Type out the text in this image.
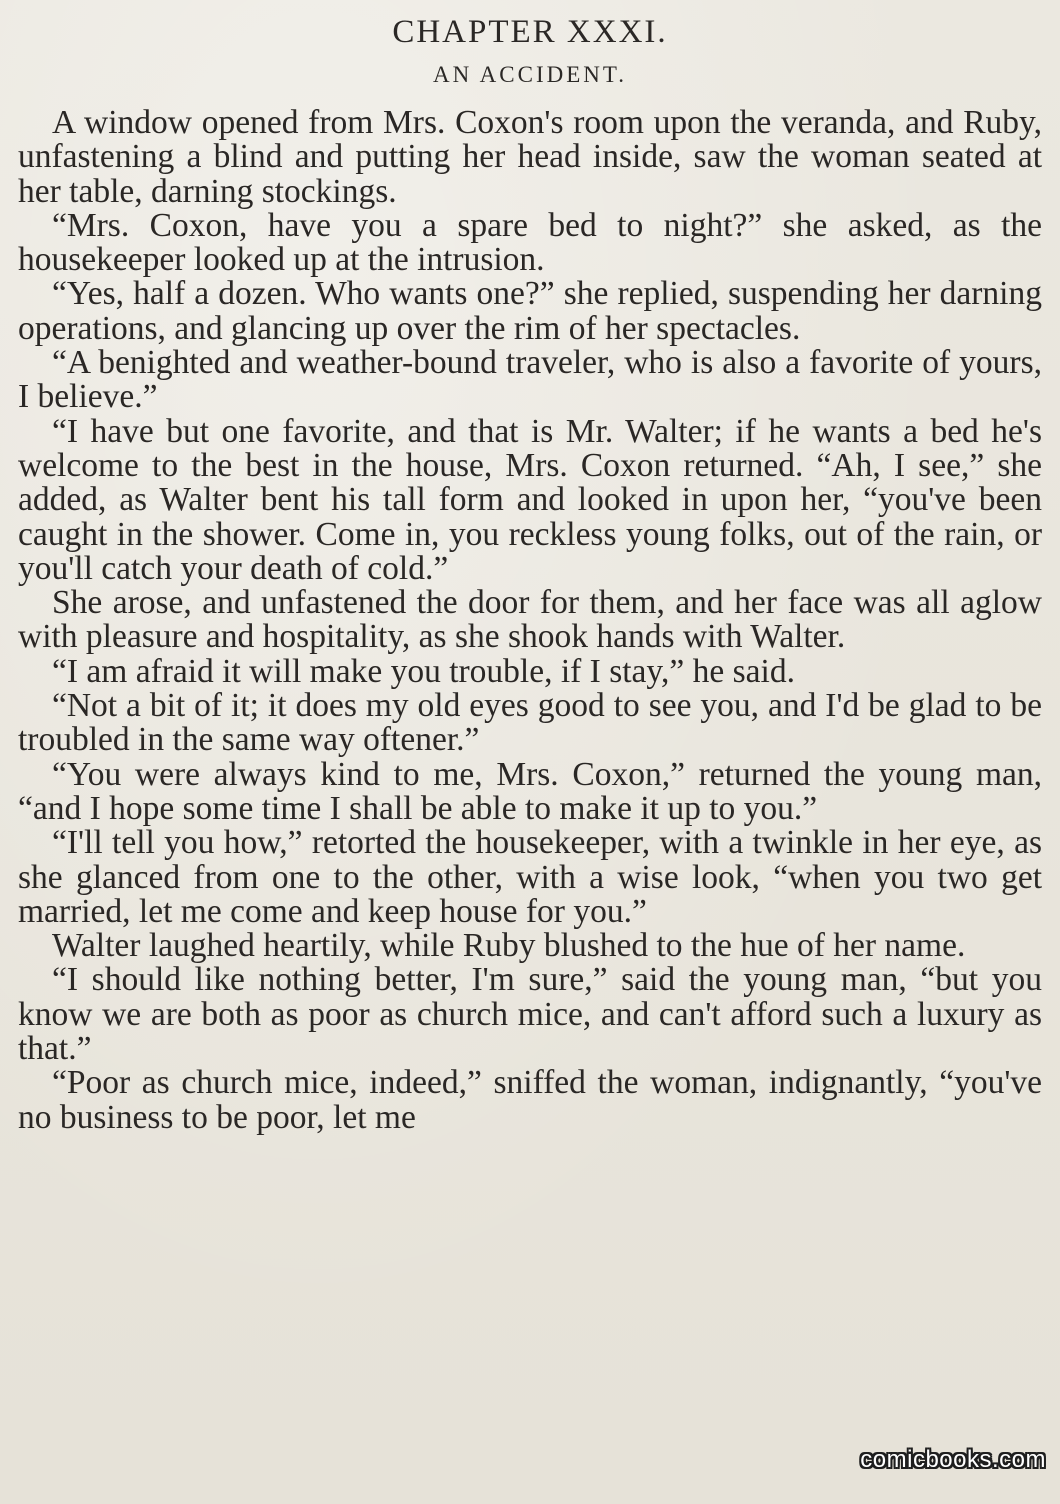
CHAPTER XXXI.
AN ACCIDENT.

A window opened from Mrs. Coxon's room upon the veranda, and Ruby, unfastening a blind and putting her head inside, saw the woman seated at her table, darning stockings.

“Mrs. Coxon, have you a spare bed to night?” she asked, as the housekeeper looked up at the intrusion.

“Yes, half a dozen. Who wants one?” she replied, suspending her darning operations, and glancing up over the rim of her spectacles.

“A benighted and weather-bound traveler, who is also a favorite of yours, I believe.”

“I have but one favorite, and that is Mr. Walter; if he wants a bed he's welcome to the best in the house, Mrs. Coxon returned. “Ah, I see,” she added, as Walter bent his tall form and looked in upon her, “you've been caught in the shower. Come in, you reckless young folks, out of the rain, or you'll catch your death of cold.”

She arose, and unfastened the door for them, and her face was all aglow with pleasure and hospitality, as she shook hands with Walter.

“I am afraid it will make you trouble, if I stay,” he said.

“Not a bit of it; it does my old eyes good to see you, and I'd be glad to be troubled in the same way oftener.”

“You were always kind to me, Mrs. Coxon,” returned the young man, “and I hope some time I shall be able to make it up to you.”

“I'll tell you how,” retorted the housekeeper, with a twinkle in her eye, as she glanced from one to the other, with a wise look, “when you two get married, let me come and keep house for you.”

Walter laughed heartily, while Ruby blushed to the hue of her name.

“I should like nothing better, I'm sure,” said the young man, “but you know we are both as poor as church mice, and can't afford such a luxury as that.”

“Poor as church mice, indeed,” sniffed the woman, indignantly, “you've no business to be poor, let me

comicbooks.com
